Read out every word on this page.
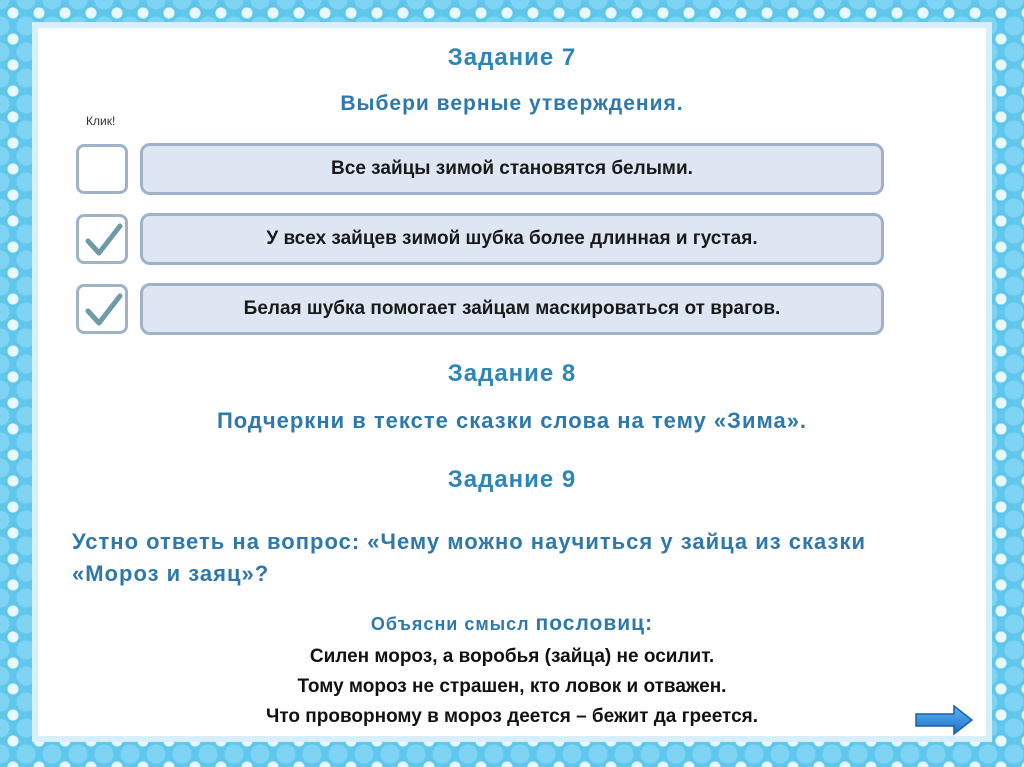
Задание 7
Выбери верные утверждения.
Клик!
Все зайцы зимой становятся белыми.
У всех зайцев зимой шубка более длинная и густая.
Белая шубка помогает зайцам маскироваться от врагов.
Задание 8
Подчеркни в тексте сказки слова на тему «Зима».
Задание 9
Устно ответь на вопрос: «Чему можно научиться у зайца из сказки «Мороз и заяц»?
Объясни смысл пословиц:
Силен мороз, а воробья (зайца) не осилит.
Тому мороз не страшен, кто ловок и отважен.
Что проворному в мороз деется – бежит да греется.
